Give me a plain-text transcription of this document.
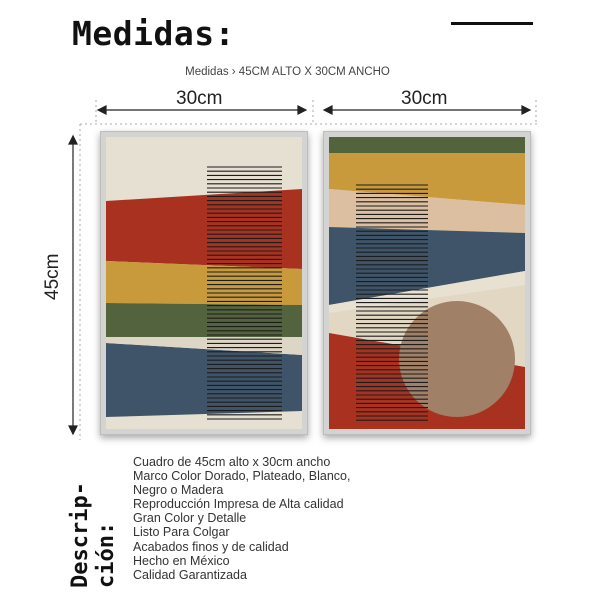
Medidas:
Medidas › 45CM ALTO X 30CM ANCHO
30cm	30cm
45cm
Descrip- ción:
Cuadro de 45cm alto x 30cm ancho
Marco Color Dorado, Plateado, Blanco,
Negro o Madera
Reproducción Impresa de Alta calidad
Gran Color y Detalle
Listo Para Colgar
Acabados finos y de calidad
Hecho en México
Calidad Garantizada
